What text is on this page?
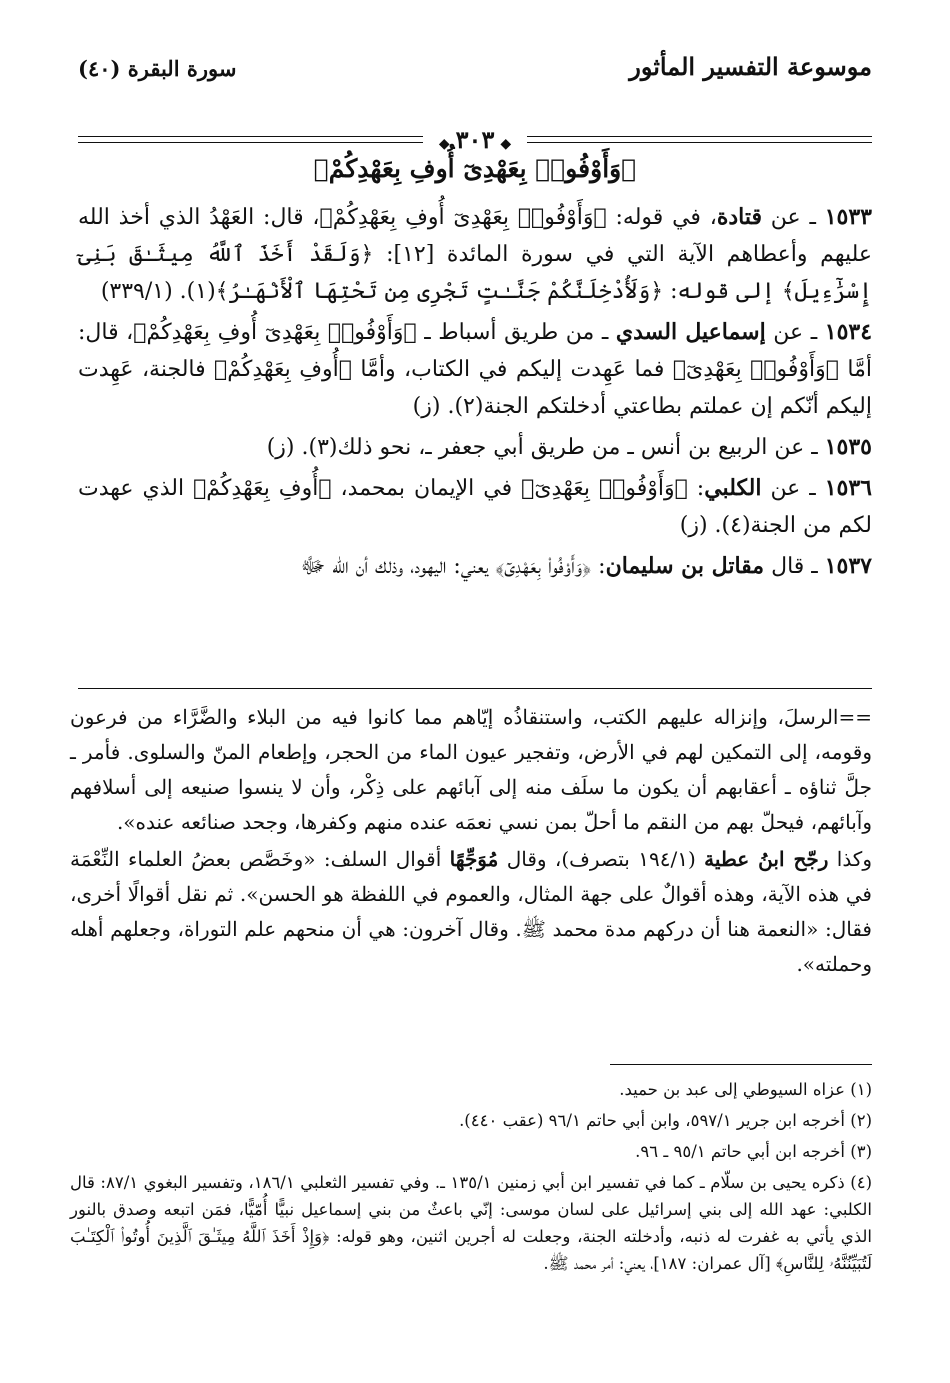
موسوعة التفسير المأثور
سورة البقرة (٤٠)
◆٣٠٣◆
﴿وَأَوْفُوا۟ بِعَهْدِىٓ أُوفِ بِعَهْدِكُمْ﴾
١٥٣٣ ـ عن قتادة، في قوله: ﴿وَأَوْفُوا۟ بِعَهْدِىٓ أُوفِ بِعَهْدِكُمْ﴾، قال: العَهْدُ الذي أخذ الله عليهم وأعطاهم الآية التي في سورة المائدة [١٢]: ﴿وَلَقَدْ أَخَذَ ٱللَّهُ مِيثَـٰقَ بَنِىٓ إِسْرَٰٓءِيلَ﴾ إلى قوله: ﴿وَلَأُدْخِلَنَّكُمْ جَنَّـٰتٍ تَجْرِى مِن تَحْتِهَا ٱلْأَنْهَـٰرُ﴾(١). (٣٣٩/١)
١٥٣٤ ـ عن إسماعيل السدي ـ من طريق أسباط ـ ﴿وَأَوْفُوا۟ بِعَهْدِىٓ أُوفِ بِعَهْدِكُمْ﴾، قال: أمَّا ﴿وَأَوْفُوا۟ بِعَهْدِىٓ﴾ فما عَهِدت إليكم في الكتاب، وأمَّا ﴿أُوفِ بِعَهْدِكُمْ﴾ فالجنة، عَهِدت إليكم أنّكم إن عملتم بطاعتي أدخلتكم الجنة(٢). (ز)
١٥٣٥ ـ عن الربيع بن أنس ـ من طريق أبي جعفر ـ، نحو ذلك(٣). (ز)
١٥٣٦ ـ عن الكلبي: ﴿وَأَوْفُوا۟ بِعَهْدِىٓ﴾ في الإيمان بمحمد، ﴿أُوفِ بِعَهْدِكُمْ﴾ الذي عهدت لكم من الجنة(٤). (ز)
١٥٣٧ ـ قال مقاتل بن سليمان: ﴿وَأَوْفُوا۟ بِعَهْدِىٓ﴾ يعني: اليهود، وذلك أن الله ﷻ

==الرسلَ، وإنزاله عليهم الكتب، واستنقاذُه إيّاهم مما كانوا فيه من البلاء والضَّرَّاء من فرعون وقومه، إلى التمكين لهم في الأرض، وتفجير عيون الماء من الحجر، وإطعام المنّ والسلوى. فأمر ـ جلَّ ثناؤه ـ أعقابهم أن يكون ما سلَف منه إلى آبائهم على ذِكْر، وأن لا ينسوا صنيعه إلى أسلافهم وآبائهم، فيحلّ بهم من النقم ما أحلّ بمن نسي نعمَه عنده منهم وكفرها، وجحد صنائعه عنده».

وكذا رجّح ابنُ عطية (١٩٤/١ بتصرف)، وقال مُوَجِّهًا أقوال السلف: «وخَصَّص بعضُ العلماء النِّعْمَة في هذه الآية، وهذه أقوالٌ على جهة المثال، والعموم في اللفظة هو الحسن». ثم نقل أقوالًا أخرى، فقال: «النعمة هنا أن دركهم مدة محمد ﷺ. وقال آخرون: هي أن منحهم علم التوراة، وجعلهم أهله وحملته».

(١) عزاه السيوطي إلى عبد بن حميد.

(٢) أخرجه ابن جرير ٥٩٧/١، وابن أبي حاتم ٩٦/١ (عقب ٤٤٠).

(٣) أخرجه ابن أبي حاتم ٩٥/١ ـ ٩٦.

(٤) ذكره يحيى بن سلّام ـ كما في تفسير ابن أبي زمنين ١٣٥/١ ـ. وفي تفسير الثعلبي ١٨٦/١، وتفسير البغوي ٨٧/١: قال الكلبي: عهد الله إلى بني إسرائيل على لسان موسى: إنّي باعثٌ من بني إسماعيل نبيًّا أُمّيًّا، فمَن اتبعه وصدق بالنور الذي يأتي به غفرت له ذنبه، وأدخلته الجنة، وجعلت له أجرين اثنين، وهو قوله: ﴿وَإِذْ أَخَذَ ٱللَّهُ مِيثَـٰقَ ٱلَّذِينَ أُوتُوا۟ ٱلْكِتَـٰبَ لَتُبَيِّنُنَّهُۥ لِلنَّاسِ﴾ [آل عمران: ١٨٧]، يعني: أمر محمد ﷺ.
